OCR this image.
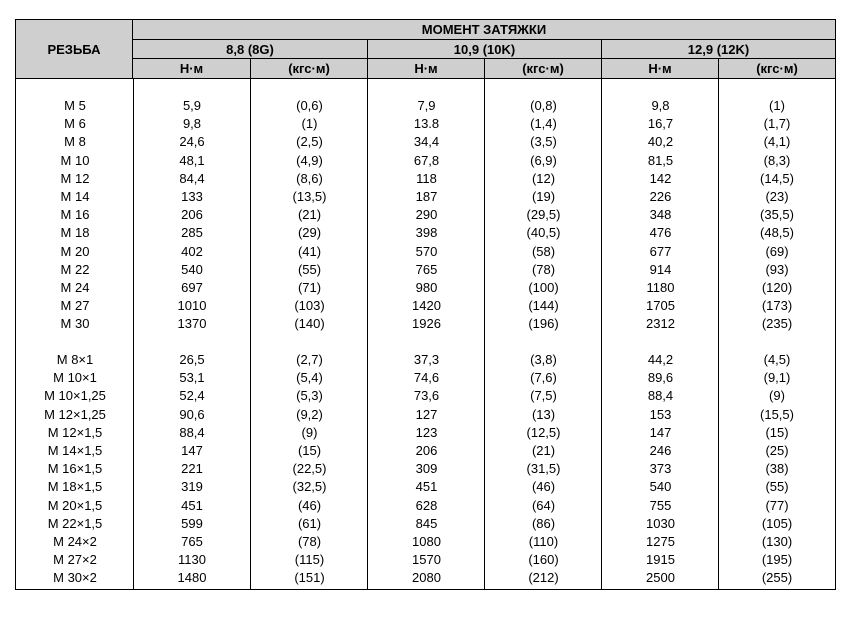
РЕЗЬБА
МОМЕНТ ЗАТЯЖКИ
8,8 (8G)	10,9 (10K)	12,9 (12K)
Н·м	(кгс·м)	Н·м	(кгс·м)	Н·м	(кгс·м)
М 5	5,9	(0,6)	7,9	(0,8)	9,8	(1)
М 6	9,8	(1)	13.8	(1,4)	16,7	(1,7)
М 8	24,6	(2,5)	34,4	(3,5)	40,2	(4,1)
М 10	48,1	(4,9)	67,8	(6,9)	81,5	(8,3)
М 12	84,4	(8,6)	118	(12)	142	(14,5)
М 14	133	(13,5)	187	(19)	226	(23)
М 16	206	(21)	290	(29,5)	348	(35,5)
М 18	285	(29)	398	(40,5)	476	(48,5)
М 20	402	(41)	570	(58)	677	(69)
М 22	540	(55)	765	(78)	914	(93)
М 24	697	(71)	980	(100)	1180	(120)
М 27	1010	(103)	1420	(144)	1705	(173)
М 30	1370	(140)	1926	(196)	2312	(235)
М 8×1	26,5	(2,7)	37,3	(3,8)	44,2	(4,5)
М 10×1	53,1	(5,4)	74,6	(7,6)	89,6	(9,1)
М 10×1,25	52,4	(5,3)	73,6	(7,5)	88,4	(9)
М 12×1,25	90,6	(9,2)	127	(13)	153	(15,5)
М 12×1,5	88,4	(9)	123	(12,5)	147	(15)
М 14×1,5	147	(15)	206	(21)	246	(25)
М 16×1,5	221	(22,5)	309	(31,5)	373	(38)
М 18×1,5	319	(32,5)	451	(46)	540	(55)
М 20×1,5	451	(46)	628	(64)	755	(77)
М 22×1,5	599	(61)	845	(86)	1030	(105)
М 24×2	765	(78)	1080	(110)	1275	(130)
М 27×2	1130	(115)	1570	(160)	1915	(195)
М 30×2	1480	(151)	2080	(212)	2500	(255)
